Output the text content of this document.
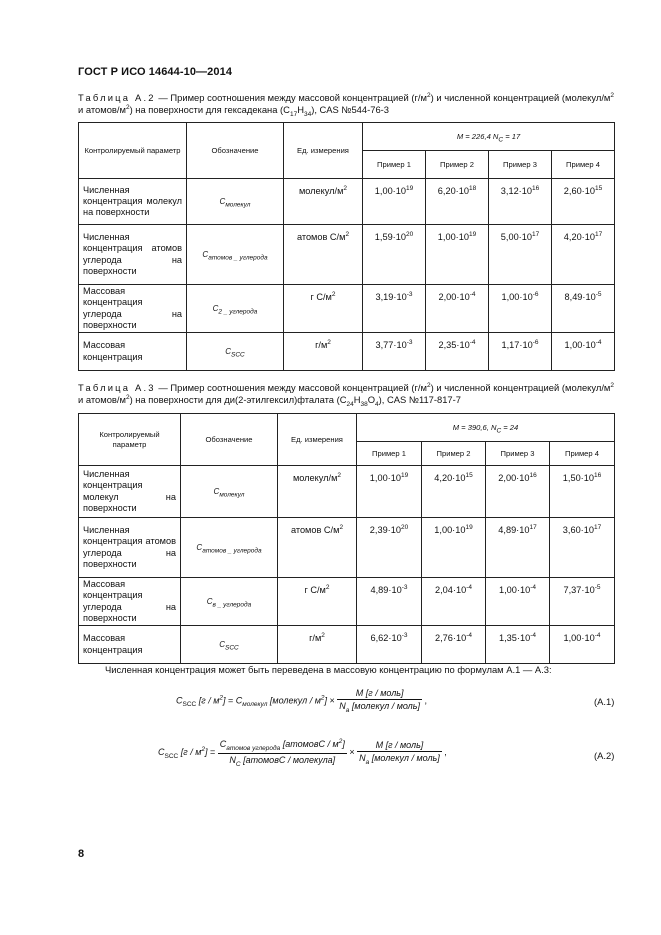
ГОСТ Р ИСО 14644-10—2014
Таблица А.2 — Пример соотношения между массовой концентрацией $(г/м^2)$ и численной концентрацией ($молекул/м^2$ и атомов/$м^2$) на поверхности для гексадекана $(C_{17}H_{34})$, CAS №544-76-3
Контролируемый параметр	Обозначение	Ед. измерения	M = 226,4 $N_C = 17$			
			Пример 1	Пример 2	Пример 3	Пример 4
Численная концентрация молекул на поверхности	$C_{молекул}$	молекул/$м^2$	$1,00\cdot 10^{19}$	$6,20\cdot 10^{18}$	$3,12\cdot 10^{16}$	$2,60\cdot 10^{15}$
Численная концентрация атомов углерода на поверхности	$C_{атомов \_ углерода}$	атомов $C/м^2$	$1,59\cdot 10^{20}$	$1,00\cdot 10^{19}$	$5,00\cdot 10^{17}$	$4,20\cdot 10^{17}$
Массовая концентрация углерода на поверхности	$C_{2 \_ углерода}$	г $C/м^2$	$3,19\cdot 10^{-3}$	$2,00\cdot 10^{-4}$	$1,00\cdot 10^{-6}$	$8,49\cdot 10^{-5}$
Массовая концентрация	$C_{SCC}$	$г/м^2$	$3,77\cdot 10^{-3}$	$2,35\cdot 10^{-4}$	$1,17\cdot 10^{-6}$	$1,00\cdot 10^{-4}$
Таблица А.3 — Пример соотношения между массовой концентрацией $(г/м^2)$ и численной концентрацией ($молекул/м^2$ и атомов/$м^2$) на поверхности для ди(2-этилгексил)фталата $(C_{24}H_{38}O_4)$, CAS №117-817-7
Контролируемый параметр	Обозначение	Ед. измерения	M = 390,6, $N_C = 24$			
			Пример 1	Пример 2	Пример 3	Пример 4
Численная концентрация молекул на поверхности	$C_{молекул}$	молекул/$м^2$	$1,00\cdot 10^{19}$	$4,20\cdot 10^{15}$	$2,00\cdot 10^{16}$	$1,50\cdot 10^{16}$
Численная концентрация атомов углерода на поверхности	$C_{атомов \_ углерода}$	атомов $C/м^2$	$2,39\cdot 10^{20}$	$1,00\cdot 10^{19}$	$4,89\cdot 10^{17}$	$3,60\cdot 10^{17}$
Массовая концентрация углерода на поверхности	$C_{в \_ углерода}$	г $C/м^2$	$4,89\cdot 10^{-3}$	$2,04\cdot 10^{-4}$	$1,00\cdot 10^{-4}$	$7,37\cdot 10^{-5}$
Массовая концентрация	$C_{SCC}$	$г/м^2$	$6,62\cdot 10^{-3}$	$2,76\cdot 10^{-4}$	$1,35\cdot 10^{-4}$	$1,00\cdot 10^{-4}$
Численная концентрация может быть переведена в массовую концентрацию по формулам А.1 — А.3:
$C_{SCC}$ $[г / м^2] = C_{молекул}$ [молекул / $м^2] \times \frac{\text{M [г / моль]}}{N_а [молекул / моль]}$ ,	(А.1)
$C_{SCC}$ $[г / м^2] = \frac{C_{атомов углерода} [атомовC / м^2]}{N_C [атомовC / молекула]} \times \frac{\text{M [г / моль]}}{N_а [молекул / моль]}$ ,	(А.2)
8
